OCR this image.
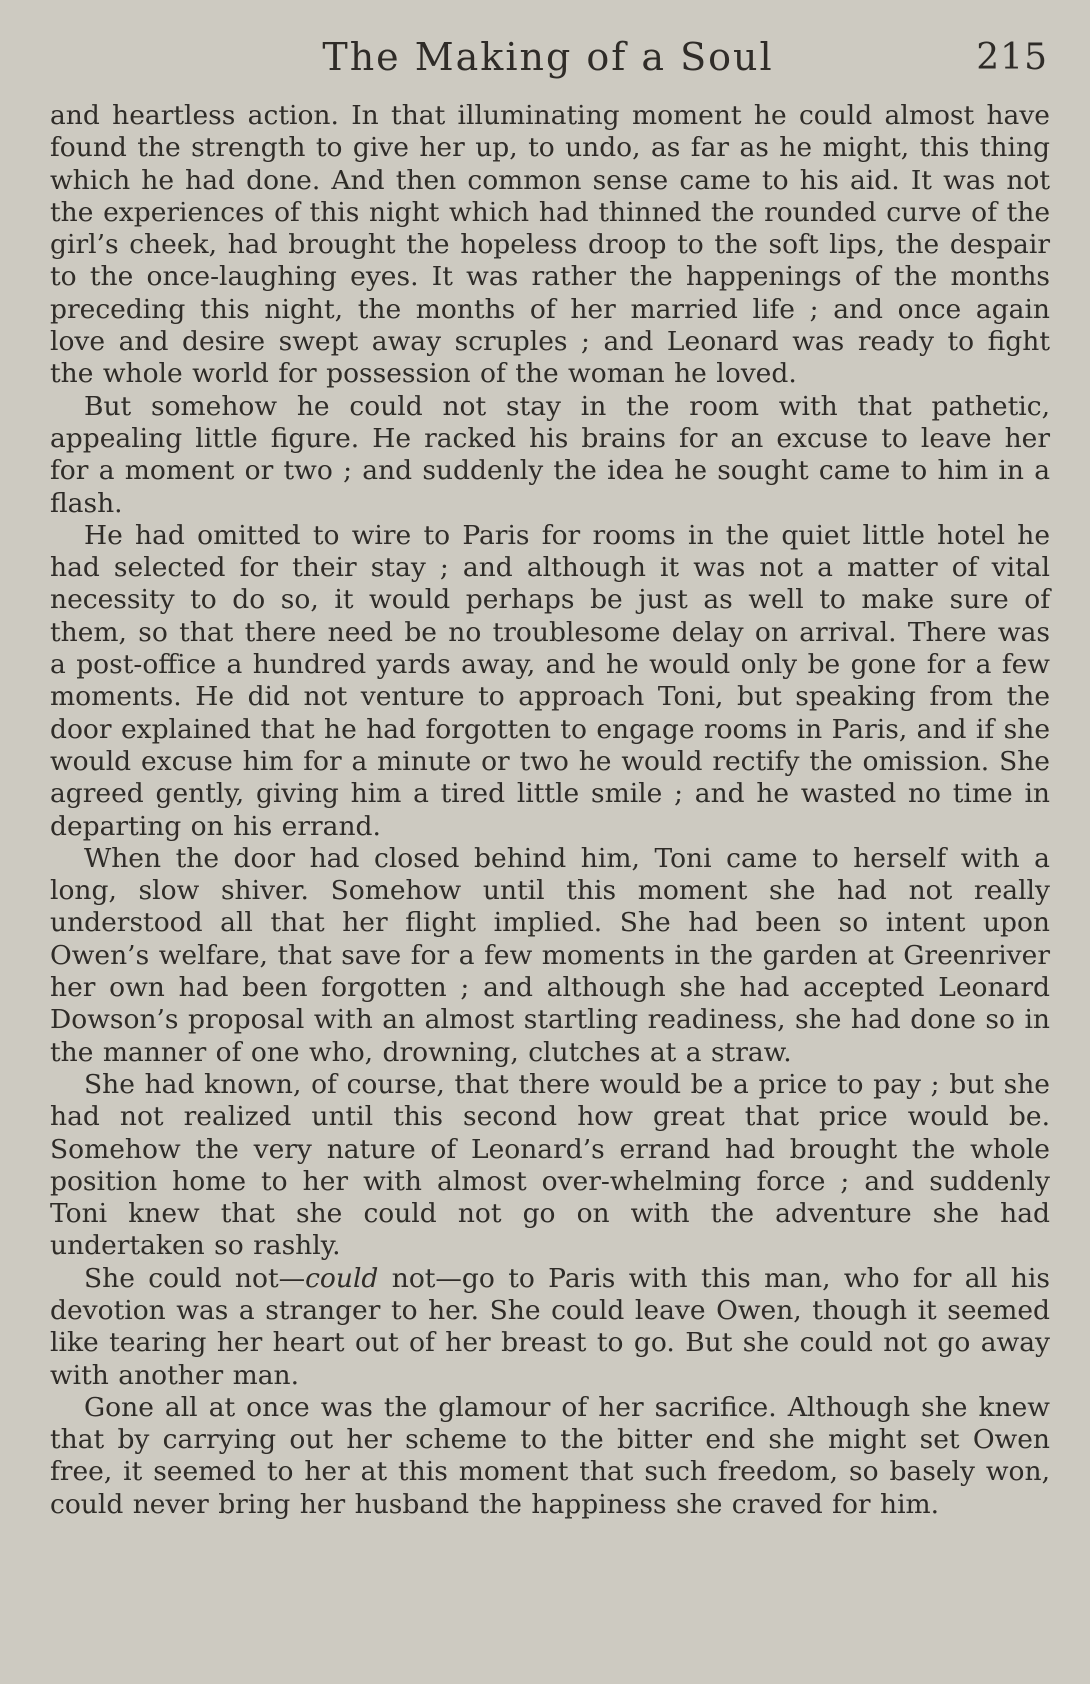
The Making of a Soul	215

and heartless action. In that illuminating moment he could almost have found the strength to give her up, to undo, as far as he might, this thing which he had done. And then common sense came to his aid. It was not the experiences of this night which had thinned the rounded curve of the girl’s cheek, had brought the hopeless droop to the soft lips, the despair to the once-laughing eyes. It was rather the happenings of the months preceding this night, the months of her married life ; and once again love and desire swept away scruples ; and Leonard was ready to fight the whole world for possession of the woman he loved.

But somehow he could not stay in the room with that pathetic, appealing little figure. He racked his brains for an excuse to leave her for a moment or two ; and suddenly the idea he sought came to him in a flash.

He had omitted to wire to Paris for rooms in the quiet little hotel he had selected for their stay ; and although it was not a matter of vital necessity to do so, it would perhaps be just as well to make sure of them, so that there need be no troublesome delay on arrival. There was a post-office a hundred yards away, and he would only be gone for a few moments. He did not venture to approach Toni, but speaking from the door explained that he had forgotten to engage rooms in Paris, and if she would excuse him for a minute or two he would rectify the omission. She agreed gently, giving him a tired little smile ; and he wasted no time in departing on his errand.

When the door had closed behind him, Toni came to herself with a long, slow shiver. Somehow until this moment she had not really understood all that her flight implied. She had been so intent upon Owen’s welfare, that save for a few moments in the garden at Greenriver her own had been forgotten ; and although she had accepted Leonard Dowson’s proposal with an almost startling readiness, she had done so in the manner of one who, drowning, clutches at a straw.

She had known, of course, that there would be a price to pay ; but she had not realized until this second how great that price would be. Somehow the very nature of Leonard’s errand had brought the whole position home to her with almost over-whelming force ; and suddenly Toni knew that she could not go on with the adventure she had undertaken so rashly.

She could not—could not—go to Paris with this man, who for all his devotion was a stranger to her. She could leave Owen, though it seemed like tearing her heart out of her breast to go. But she could not go away with another man.

Gone all at once was the glamour of her sacrifice. Although she knew that by carrying out her scheme to the bitter end she might set Owen free, it seemed to her at this moment that such freedom, so basely won, could never bring her husband the happiness she craved for him.
